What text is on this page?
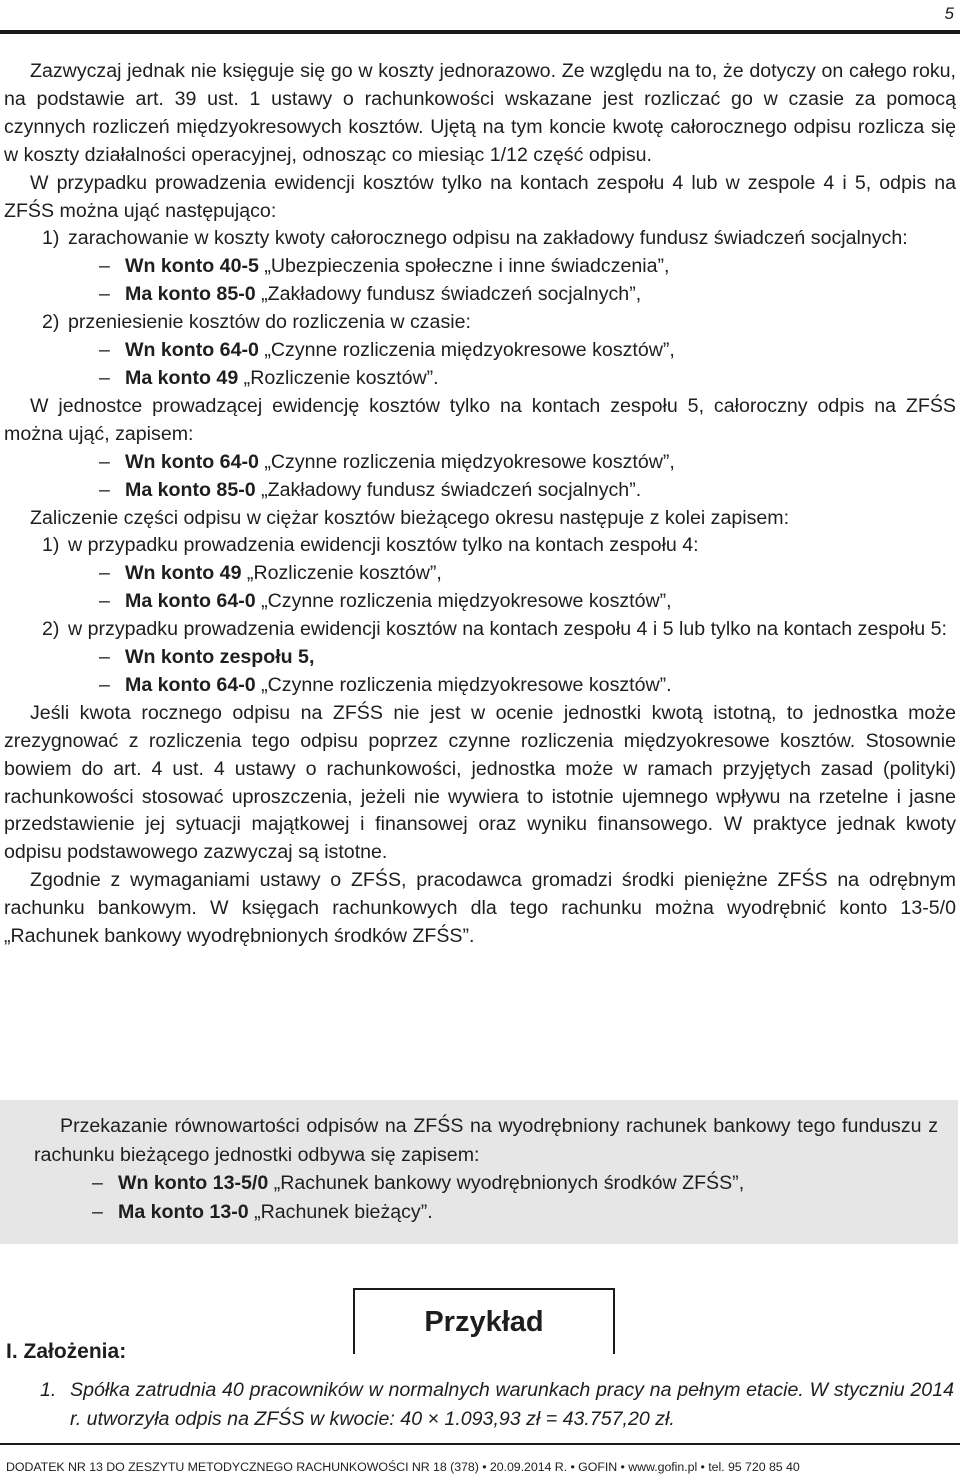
5

Zazwyczaj jednak nie księguje się go w koszty jednorazowo. Ze względu na to, że dotyczy on całego roku, na podstawie art. 39 ust. 1 ustawy o rachunkowości wskazane jest rozliczać go w czasie za pomocą czynnych rozliczeń międzyokresowych kosztów. Ujętą na tym koncie kwotę całorocznego odpisu rozlicza się w koszty działalności operacyjnej, odnosząc co miesiąc 1/12 część odpisu.

W przypadku prowadzenia ewidencji kosztów tylko na kontach zespołu 4 lub w zespole 4 i 5, odpis na ZFŚS można ująć następująco:

1) zarachowanie w koszty kwoty całorocznego odpisu na zakładowy fundusz świadczeń socjalnych:
– Wn konto 40-5 „Ubezpieczenia społeczne i inne świadczenia”,
– Ma konto 85-0 „Zakładowy fundusz świadczeń socjalnych”,
2) przeniesienie kosztów do rozliczenia w czasie:
– Wn konto 64-0 „Czynne rozliczenia międzyokresowe kosztów”,
– Ma konto 49 „Rozliczenie kosztów”.

W jednostce prowadzącej ewidencję kosztów tylko na kontach zespołu 5, całoroczny odpis na ZFŚS można ująć, zapisem:

– Wn konto 64-0 „Czynne rozliczenia międzyokresowe kosztów”,
– Ma konto 85-0 „Zakładowy fundusz świadczeń socjalnych”.

Zaliczenie części odpisu w ciężar kosztów bieżącego okresu następuje z kolei zapisem:

1) w przypadku prowadzenia ewidencji kosztów tylko na kontach zespołu 4:
– Wn konto 49 „Rozliczenie kosztów”,
– Ma konto 64-0 „Czynne rozliczenia międzyokresowe kosztów”,
2) w przypadku prowadzenia ewidencji kosztów na kontach zespołu 4 i 5 lub tylko na kontach zespołu 5:
– Wn konto zespołu 5,
– Ma konto 64-0 „Czynne rozliczenia międzyokresowe kosztów”.

Jeśli kwota rocznego odpisu na ZFŚS nie jest w ocenie jednostki kwotą istotną, to jednostka może zrezygnować z rozliczenia tego odpisu poprzez czynne rozliczenia międzyokresowe kosztów. Stosownie bowiem do art. 4 ust. 4 ustawy o rachunkowości, jednostka może w ramach przyjętych zasad (polityki) rachunkowości stosować uproszczenia, jeżeli nie wywiera to istotnie ujemnego wpływu na rzetelne i jasne przedstawienie jej sytuacji majątkowej i finansowej oraz wyniku finansowego. W praktyce jednak kwoty odpisu podstawowego zazwyczaj są istotne.

Zgodnie z wymaganiami ustawy o ZFŚS, pracodawca gromadzi środki pieniężne ZFŚS na odrębnym rachunku bankowym. W księgach rachunkowych dla tego rachunku można wyodrębnić konto 13-5/0 „Rachunek bankowy wyodrębnionych środków ZFŚS”.

Przekazanie równowartości odpisów na ZFŚS na wyodrębniony rachunek bankowy tego funduszu z rachunku bieżącego jednostki odbywa się zapisem:

– Wn konto 13-5/0 „Rachunek bankowy wyodrębnionych środków ZFŚS”,
– Ma konto 13-0 „Rachunek bieżący”.
Przykład
I. Założenia:
1. Spółka zatrudnia 40 pracowników w normalnych warunkach pracy na pełnym etacie. W styczniu 2014 r. utworzyła odpis na ZFŚS w kwocie: 40 × 1.093,93 zł = 43.757,20 zł.
DODATEK NR 13 DO ZESZYTU METODYCZNEGO RACHUNKOWOŚCI NR 18 (378) • 20.09.2014 R. • GOFIN • www.gofin.pl • tel. 95 720 85 40
